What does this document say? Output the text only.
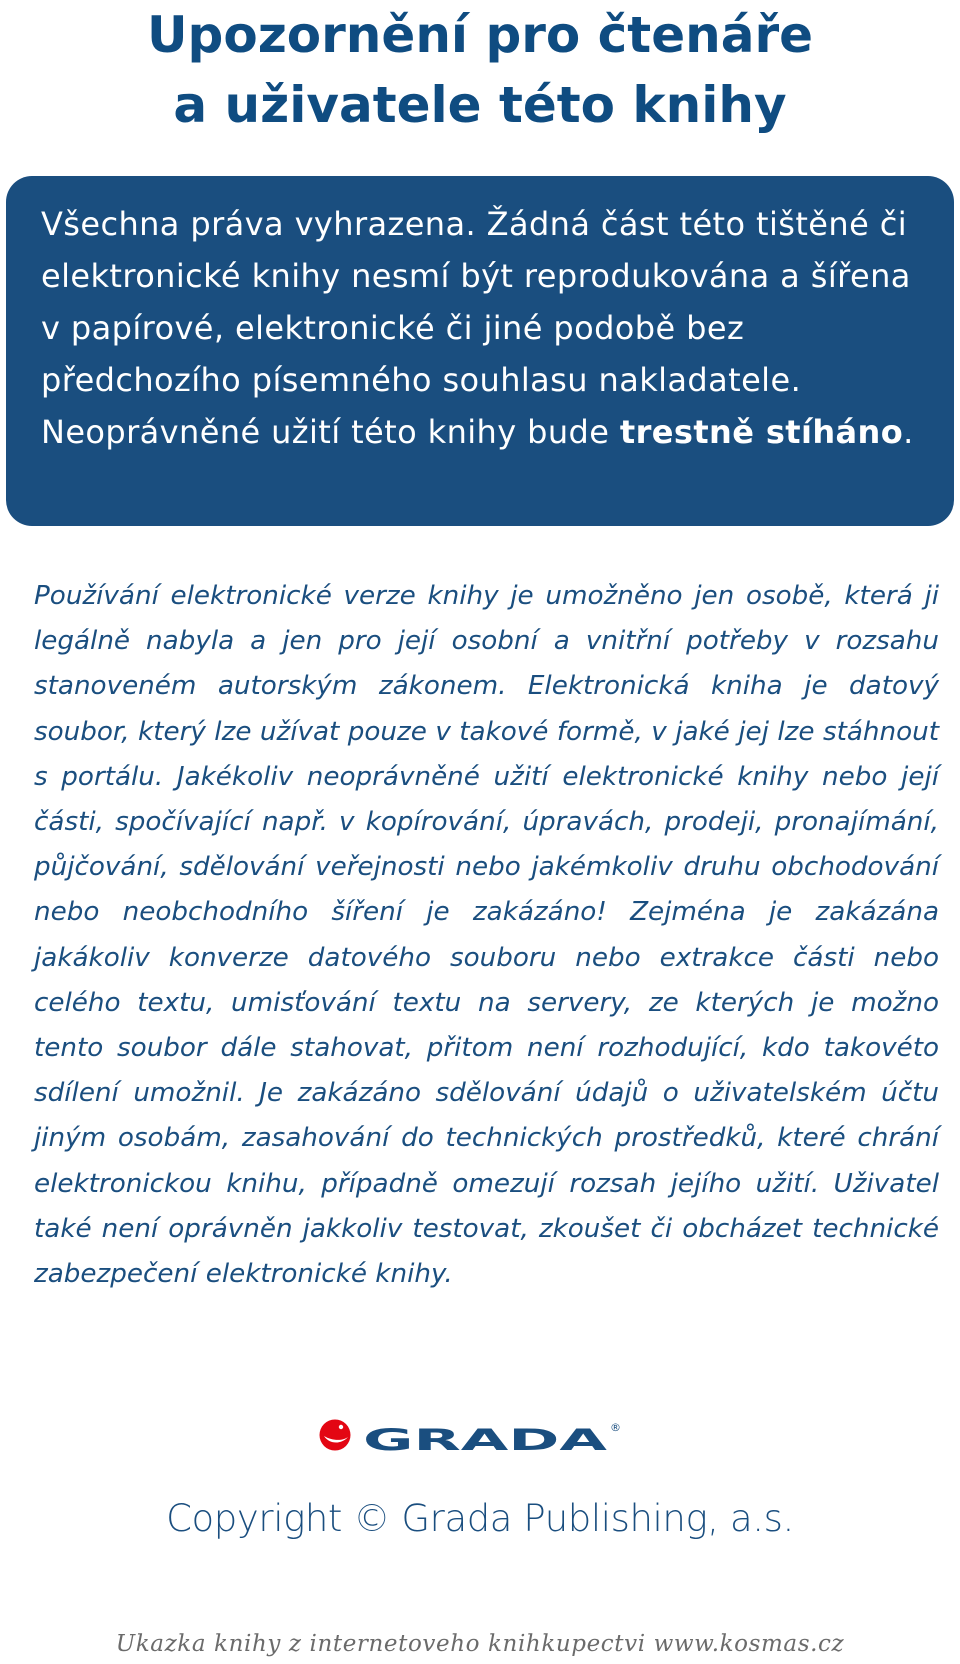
Upozornění pro čtenáře
a uživatele této knihy

Všechna práva vyhrazena. Žádná část této tištěné či elektronické knihy nesmí být reprodukována a šířena v papírové, elektronické či jiné podobě bez předchozího písemného souhlasu nakladatele. Neoprávněné užití této knihy bude trestně stíháno.

Používání elektronické verze knihy je umožněno jen osobě, která ji legálně nabyla a jen pro její osobní a vnitřní potřeby v rozsahu stanoveném autorským zákonem. Elektronická kniha je datový soubor, který lze užívat pouze v takové formě, v jaké jej lze stáhnout s portálu. Jakékoliv neoprávněné užití elektronické knihy nebo její části, spočívající např. v kopírování, úpravách, prodeji, pronajímání, půjčování, sdělování veřejnosti nebo jakémkoliv druhu obchodování nebo neobchodního šíření je zakázáno! Zejména je zakázána jakákoliv konverze datového souboru nebo extrakce části nebo celého textu, umisťování textu na servery, ze kterých je možno tento soubor dále stahovat, přitom není rozhodující, kdo takovéto sdílení umožnil. Je zakázáno sdělování údajů o uživatelském účtu jiným osobám, zasahování do technických prostředků, které chrání elektronickou knihu, případně omezují rozsah jejího užití. Uživatel také není oprávněn jakkoliv testovat, zkoušet či obcházet technické zabezpečení elektronické knihy.

GRADA ®

Copyright © Grada Publishing, a.s.

Ukazka knihy z internetoveho knihkupectvi www.kosmas.cz
